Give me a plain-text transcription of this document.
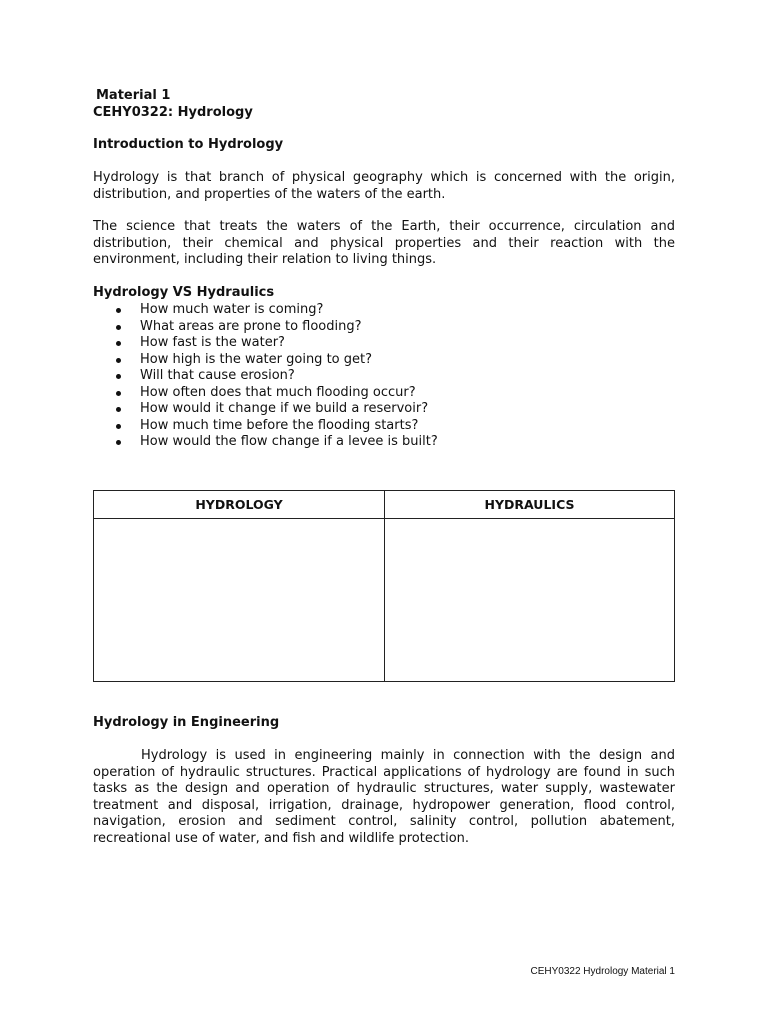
Material 1
CEHY0322: Hydrology
Introduction to Hydrology
Hydrology is that branch of physical geography which is concerned with the origin, distribution, and properties of the waters of the earth.
The science that treats the waters of the Earth, their occurrence, circulation and distribution, their chemical and physical properties and their reaction with the environment, including their relation to living things.
Hydrology VS Hydraulics
How much water is coming?
What areas are prone to flooding?
How fast is the water?
How high is the water going to get?
Will that cause erosion?
How often does that much flooding occur?
How would it change if we build a reservoir?
How much time before the flooding starts?
How would the flow change if a levee is built?
HYDROLOGY	HYDRAULICS
Hydrology in Engineering
Hydrology is used in engineering mainly in connection with the design and operation of hydraulic structures. Practical applications of hydrology are found in such tasks as the design and operation of hydraulic structures, water supply, wastewater treatment and disposal, irrigation, drainage, hydropower generation, flood control, navigation, erosion and sediment control, salinity control, pollution abatement, recreational use of water, and fish and wildlife protection.
CEHY0322 Hydrology Material 1
